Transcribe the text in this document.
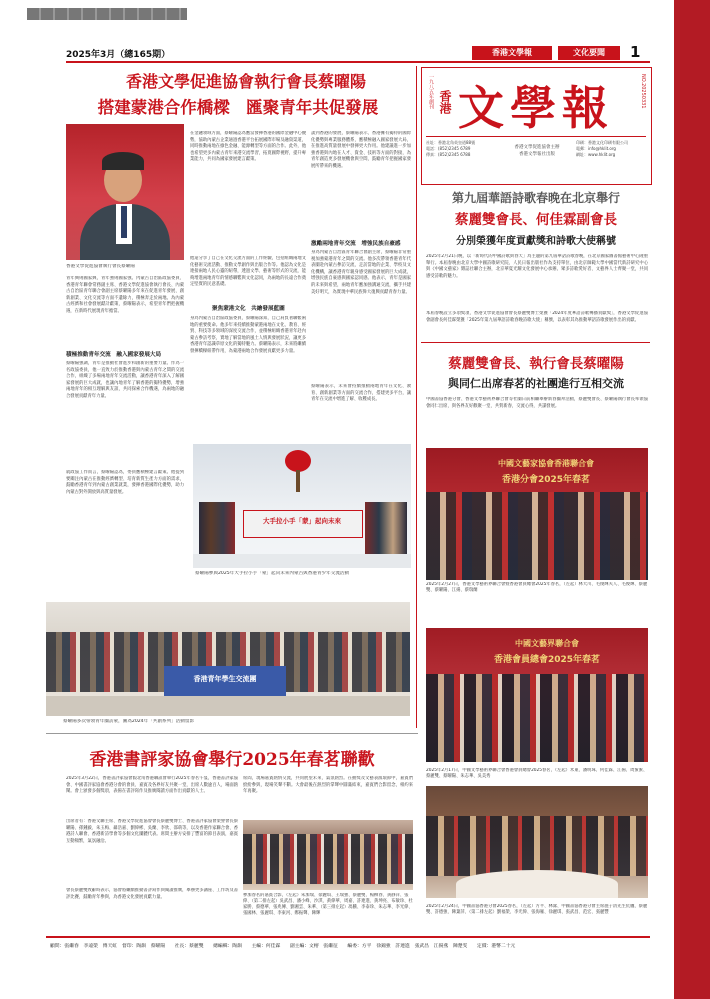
2025年3月（總165期）	香港文學報	文化要聞	1
香港文學促進協會執行會長蔡曜陽
搭建蒙港合作橋樑　匯聚青年共促發展
香港文學促進協會執行會長蔡曜陽
青年興則國家興，青年強則國家強。內蒙古自治區政協委員、香港青年聯會常務副主席、香港文學促進協會執行會長、內蒙古自治區青年聯合會副主席蔡曜陽多年來在促進青年發展、創新創業、文化交流等方面不遺餘力，積極奔走於兩地。為內蒙古經濟和社會發展獻計獻策，蔡曜陽表示，希望青年們把握機遇，在新時代展現青年擔當。
積極推動青年交流　融入國家發展大局
蔡曜陽強調，青年是推動社會進步和創新的重要力量。作為一名政協委員，他一直致力於推動香港與內蒙古青年之間的交流合作，組織了多場兩地青年交流活動，讓香港青年深入了解國家發展的巨大成就，也讓內地青年了解香港的獨特優勢，增強兩地青年的相互理解與友誼，共同探索合作機遇，為兩地的融合發展貢獻青年力量。
就政協工作而言，蔡曜陽認為，委員應積極建言獻策。他提到要關注內蒙古在推動經濟轉型、培育新質生產力方面的需求，鼓勵香港青年到內蒙古創業就業，發揮香港國際化優勢，助力內蒙古對外開放與高質量發展。
在金融領域方面，蔡曜陽認為應當發揮香港的國際金融中心優勢，協助內蒙古企業通過香港平台拓展國際市場及融資渠道，同時推動兩地在綠色金融、能源轉型等方面的合作。此外，他也希望更多內蒙古青年來港交流學習，拓寬國際視野，提升專業能力，共同為國家發展建言獻策。
他還分享了自己在文化交流方面的工作經驗，包括組織兩地文化藝術交流活動、推動文學創作與出版合作等。他認為文化是連接兩地人民心靈的紐帶，透過文學、藝術等形式的交流，能夠增進兩地青年的情感聯繫與文化認同，為兩地的長遠合作奠定堅實的民意基礎。
聚焦蒙港文化　共繪發展藍圖
身為內蒙古自治區政協委員，蔡曜陽深知，自己肩負著聯繫兩地的重要使命。他多年來持續推動蒙港兩地在文化、教育、經貿、科技等多領域的深度交流合作，並積極組織香港青年赴內蒙古參訪考察，實地了解當地的風土人情與發展狀況，讓更多香港青年認識草原文化的獨特魅力。蔡曜陽表示，未來將繼續發揮橋樑紐帶作用，為蒙港兩地合作發展貢獻更多力量。
談到香港的發展，蔡曜陽表示，香港擁有獨特的國際化優勢與專業服務體系，應積極融入國家發展大局，在推進高質量發展中發揮更大作用。他建議進一步加強香港與內地在人才、資金、技術等方面的對接，為青年創造更多發展機會與空間，鼓勵青年把握國家發展所帶來的機遇。
激勵兩地青年交流　增強民族自豪感
身為內蒙古自治區青年聯合會副主席，蔡曜陽非常重視加強蒙港青年之間的交流。他多次帶領香港青年代表團赴內蒙古參訪交流，走訪當地的企業、學校及文化機構，讓香港青年親身感受國家發展的巨大成就，增強民族自豪感與國家認同感。他表示，青年是國家的未來與希望，兩地青年應加強溝通交流，攜手共建美好明天，為實現中華民族偉大復興貢獻青春力量。
蔡曜陽表示，未來會持續推動兩地青年在文化、教育、創新創業等方面的交流合作，搭建更多平台，讓青年在交流中增進了解、收穫成長。
大手拉小手「蒙」起向未來
蔡曜陽參與2025年大手拉小手「蒙」起向未來內蒙古與香港青少年交流活動
香港青年學生交流團
蔡曜陽多次帶領青年團訪蒙，圖為2024年「共創系列」活動留影
一九八五年創刊 香港 文學報	NO.20250331
社址：香港北角英皇道88號
電話：(852)2345 6789
傳真：(852)2345 6788
香港文學促進協會主辦
香港文學報社出版
印刷：香港文化印刷有限公司
電郵：info@hklit.org
網址：www.hklit.org
第九屆華語詩歌春晚在北京舉行
蔡麗雙會長、何佳霖副會長
分別榮獲年度貢獻獎和詩歌大使稱號
2025年2月21日晚，以「新時代的中國詩歌與春天」為主題的第九屆華語詩歌春晚，在北京國家圖書館藝術中心隆重舉行。本屆春晚由北京大學中國詩歌研究院、人民日報出版社作為支持單位，由北京師範大學中國當代新詩研究中心與《中國文藝家》雜誌社聯合主辦，北京華夏光耀文化發展中心承辦。眾多詩歌愛好者、文藝界人士齊聚一堂，共同感受詩歌的魅力。
本屆春晚設立多項獎項，香港文學促進協會會長蔡麗雙博士榮獲「2024年度華語詩歌傳播貢獻獎」，香港文學促進協會副會長何佳霖榮獲「2025年第九屆華語詩歌春晚詩歌大使」稱號，以表彰其為推動華語詩歌發展作出的貢獻。
蔡麗雙會長、執行會長蔡曜陽
與同仁出席春茗的社團進行互相交流
中國書協香港分會、香港文學藝術界聯合會等社團日前相繼舉辦新春團拜活動，蔡麗雙會長、蔡曜陽執行會長率領協會同仁出席，與各界友好歡聚一堂，共賀新春，交流心得，共謀發展。
中國文藝家協會香港聯合會
香港分會2025年春茗
2025年2月27日，香港文學藝術界聯合會暨香港會員總會2025年春茗，（左起）林大川、毛俊輝夫人、毛俊輝、蔡麗雙、蔡曜陽、江揚、蔡瑞蘭
中國文藝界聯合會
香港會員總會2025年春茗
2025年2月17日，中國文學藝術界聯合會香港會員總會2025春茗，（左起）米東、潘明珠、何佳霖、江揚、周蜜蜜、蔡麗雙、蔡曜陽、朱志華、吳美秀
2025年2月24日，中國書協香港分會2025春茗，（左起）方平、林潔、中國書協香港分會主席施子清先生伉儷、蔡麗雙、許德強、陳葉萍、（第二排左起）劉福榮、李光偉、張海雁、徐麗琪、張武昌、范宏、張麗豐
香港書評家協會舉行2025年春茗聯歡
2025年3月22日，香港書評家協會假北角香港聯誼會舉行2025年春茗午宴，香港書評家協會、中國書評家協會香港分會的會員、嘉賓及各界好友共聚一堂，出席人數逾百人，場面熱鬧。會上頒發多個獎項，表揚在書評寫作及推廣閱讀方面作出貢獻的人士。
出席者有：香港文聯主席、香港文學促進協會會長蔡麗雙博士、香港書評家協會榮譽會長蔡曜陽、孫鍾毅、朱玉梅、聶浩嘉、劉偉彬、吳蘭、李欣、邵萌等，以及香港作家聯合會、香港詩人聯會、香港新詩學會等多個文化團體代表。席間主辦方安排了豐富的節目表演，嘉賓互動頻繁，氣氛融洽。
會長蔡麗雙致辭時表示，協會將繼續推動書評寫作與閱讀推廣，舉辦更多講座、工作坊及書評比賽，鼓勵青年參與，為香港文化發展貢獻力量。
席間，現場嘉賓熱情交流，共同展望未來，氣氛熱烈。在抽獎及文藝表演環節中，嘉賓們紛紛參與，現場笑聲不斷。大會最後在熱烈的掌聲中圓滿結束，嘉賓們合影留念，相約來年再聚。
參加春茗的嘉賓合影，（左起）朱加瑞、徐麗琪、王瑞強、蔡麗雙、楊柳春、黃靜萍、張偉、（第二排左起）吳武昌、潘小峰、沙淇、黃偉華、周嘉、許連進、黃坤亮、布敏珍、杜家勝、蔡德華、張兆傳、劉湘雲、朱華、（第三排左起）馮騰、李泰珍、朱志華、李光偉、張國林、張麗琪、李東河、鄭振聲、陳輝
顧問：張繼春　李遠榮　傅天虹　督印：陶韻　蔡曜陽　　社長：蔡麗雙　　總編輯：陶韻　　主編：何佳霖　　副主編：文榕　張繼征　　編委：方平　徐錦強　許連進　張武昌　江揚燕　陳楚雯　　定價：港幣二十元
